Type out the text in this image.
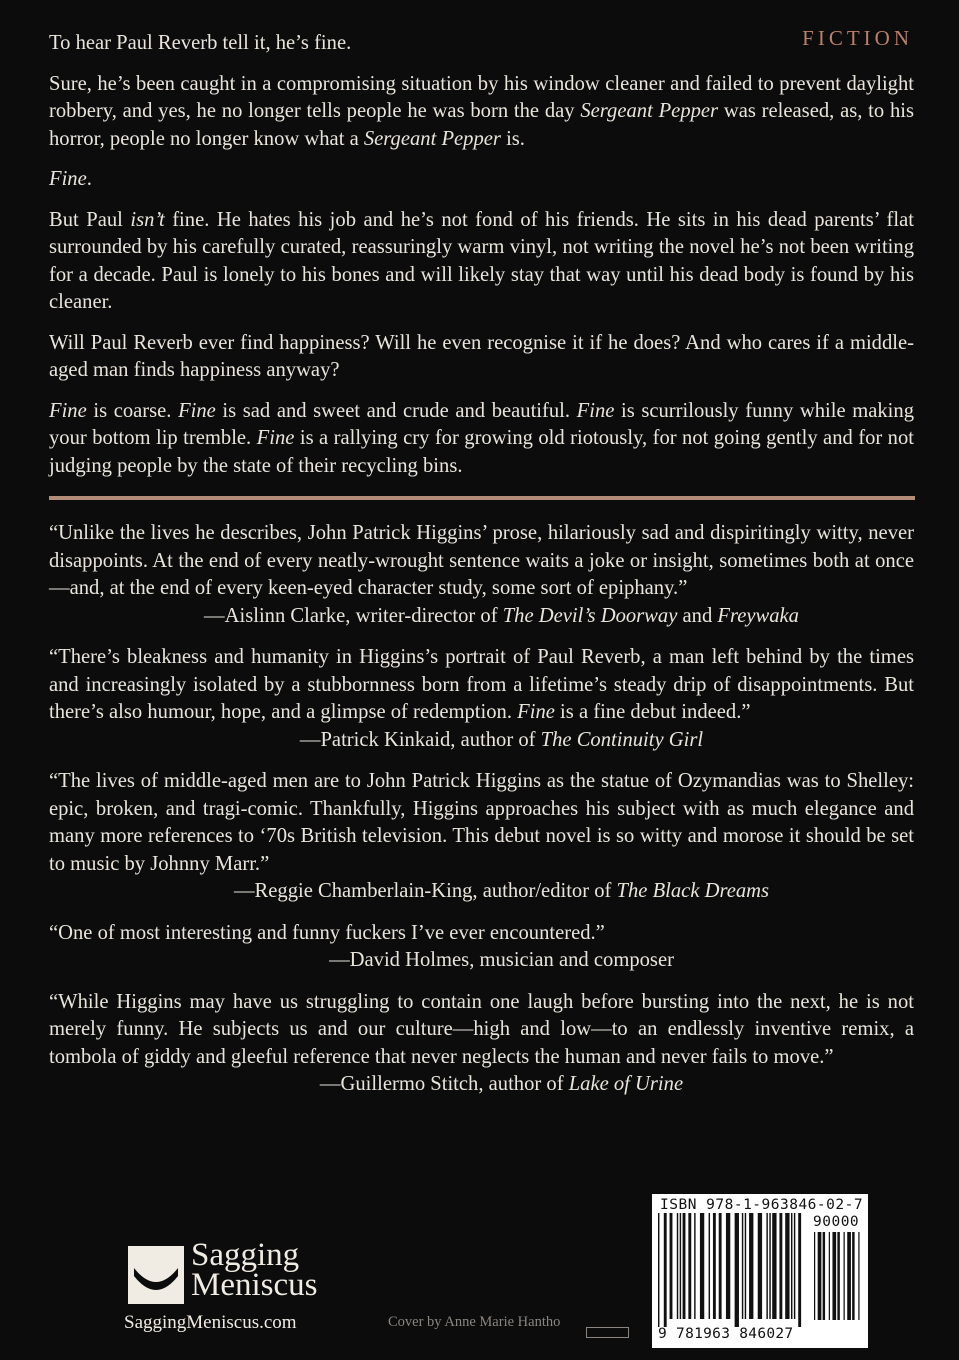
FICTION

To hear Paul Reverb tell it, he’s fine.

Sure, he’s been caught in a compromising situation by his window cleaner and failed to prevent daylight robbery, and yes, he no longer tells people he was born the day Sergeant Pepper was released, as, to his horror, people no longer know what a Sergeant Pepper is.

Fine.

But Paul isn’t fine. He hates his job and he’s not fond of his friends. He sits in his dead parents’ flat surrounded by his carefully curated, reassuringly warm vinyl, not writing the novel he’s not been writing for a decade. Paul is lonely to his bones and will likely stay that way until his dead body is found by his cleaner.

Will Paul Reverb ever find happiness? Will he even recognise it if he does? And who cares if a middle-aged man finds happiness anyway?

Fine is coarse. Fine is sad and sweet and crude and beautiful. Fine is scurrilously funny while making your bottom lip tremble. Fine is a rallying cry for growing old riotously, for not going gently and for not judging people by the state of their recycling bins.

“Unlike the lives he describes, John Patrick Higgins’ prose, hilariously sad and dispiritingly witty, never disappoints. At the end of every neatly-wrought sentence waits a joke or insight, sometimes both at once—and, at the end of every keen-eyed character study, some sort of epiphany.”
—Aislinn Clarke, writer-director of The Devil’s Doorway and Freywaka
“There’s bleakness and humanity in Higgins’s portrait of Paul Reverb, a man left behind by the times and increasingly isolated by a stubbornness born from a lifetime’s steady drip of disappointments. But there’s also humour, hope, and a glimpse of redemption. Fine is a fine debut indeed.”
—Patrick Kinkaid, author of The Continuity Girl
“The lives of middle-aged men are to John Patrick Higgins as the statue of Ozymandias was to Shelley: epic, broken, and tragi-comic. Thankfully, Higgins approaches his subject with as much elegance and many more references to ‘70s British television. This debut novel is so witty and morose it should be set to music by Johnny Marr.”
—Reggie Chamberlain-King, author/editor of The Black Dreams
“One of most interesting and funny fuckers I’ve ever encountered.”
—David Holmes, musician and composer
“While Higgins may have us struggling to contain one laugh before bursting into the next, he is not merely funny. He subjects us and our culture—high and low—to an endlessly inventive remix, a tombola of giddy and gleeful reference that never neglects the human and never fails to move.”
—Guillermo Stitch, author of Lake of Urine
Sagging
Meniscus
SaggingMeniscus.com	Cover by Anne Marie Hantho
ISBN 978-1-963846-02-7
90000
9 781963 846027
